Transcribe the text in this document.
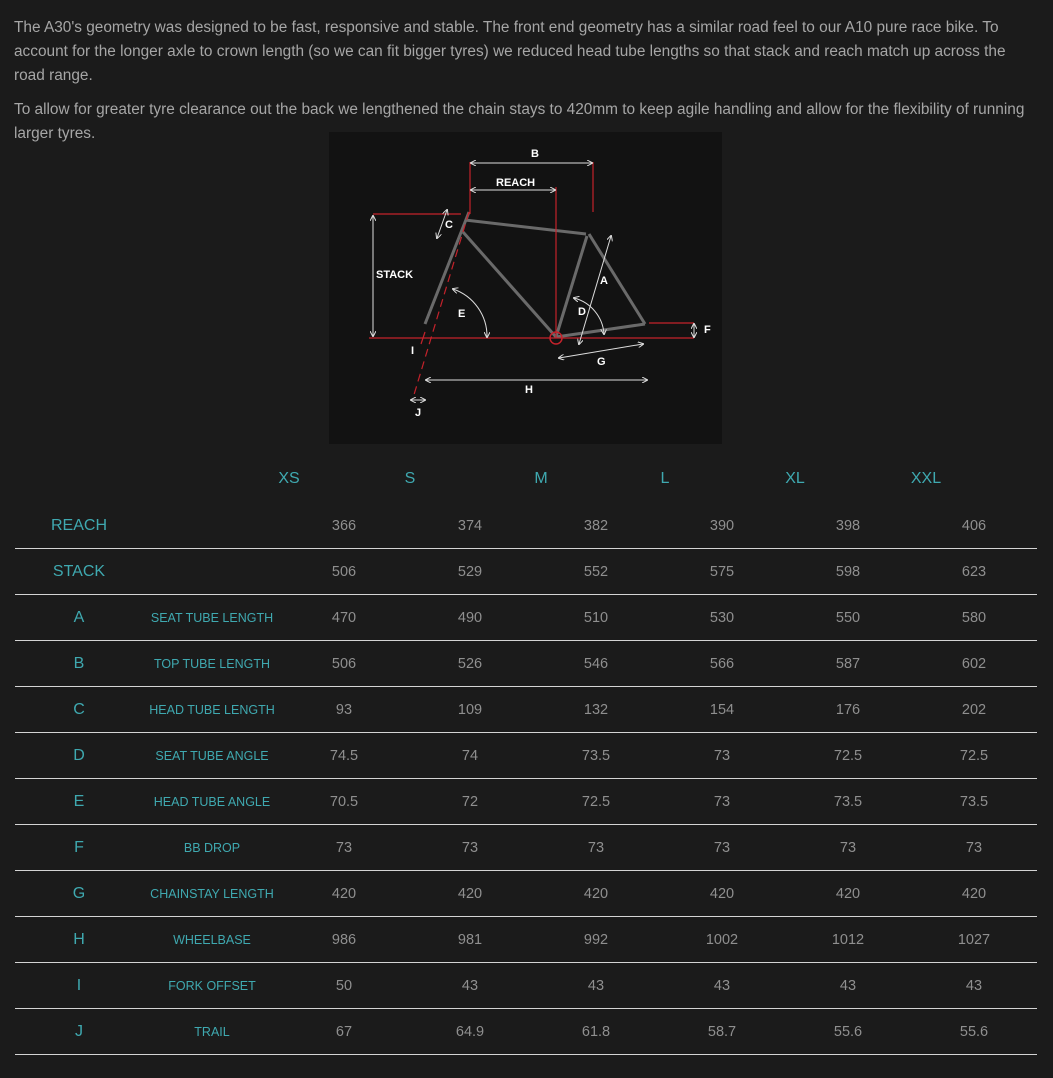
The A30's geometry was designed to be fast, responsive and stable. The front end geometry has a similar road feel to our A10 pure race bike. To account for the longer axle to crown length (so we can fit bigger tyres) we reduced head tube lengths so that stack and reach match up across the road range.

To allow for greater tyre clearance out the back we lengthened the chain stays to 420mm to keep agile handling and allow for the flexibility of running larger tyres.

B
REACH
C
STACK	A
D
E
F
I
G
H
J
XS	S	M	L	XL	XXL
REACH		366	374	382	390	398	406
STACK		506	529	552	575	598	623
A	SEAT TUBE LENGTH	470	490	510	530	550	580
B	TOP TUBE LENGTH	506	526	546	566	587	602
C	HEAD TUBE LENGTH	93	109	132	154	176	202
D	SEAT TUBE ANGLE	74.5	74	73.5	73	72.5	72.5
E	HEAD TUBE ANGLE	70.5	72	72.5	73	73.5	73.5
F	BB DROP	73	73	73	73	73	73
G	CHAINSTAY LENGTH	420	420	420	420	420	420
H	WHEELBASE	986	981	992	1002	1012	1027
I	FORK OFFSET	50	43	43	43	43	43
J	TRAIL	67	64.9	61.8	58.7	55.6	55.6
